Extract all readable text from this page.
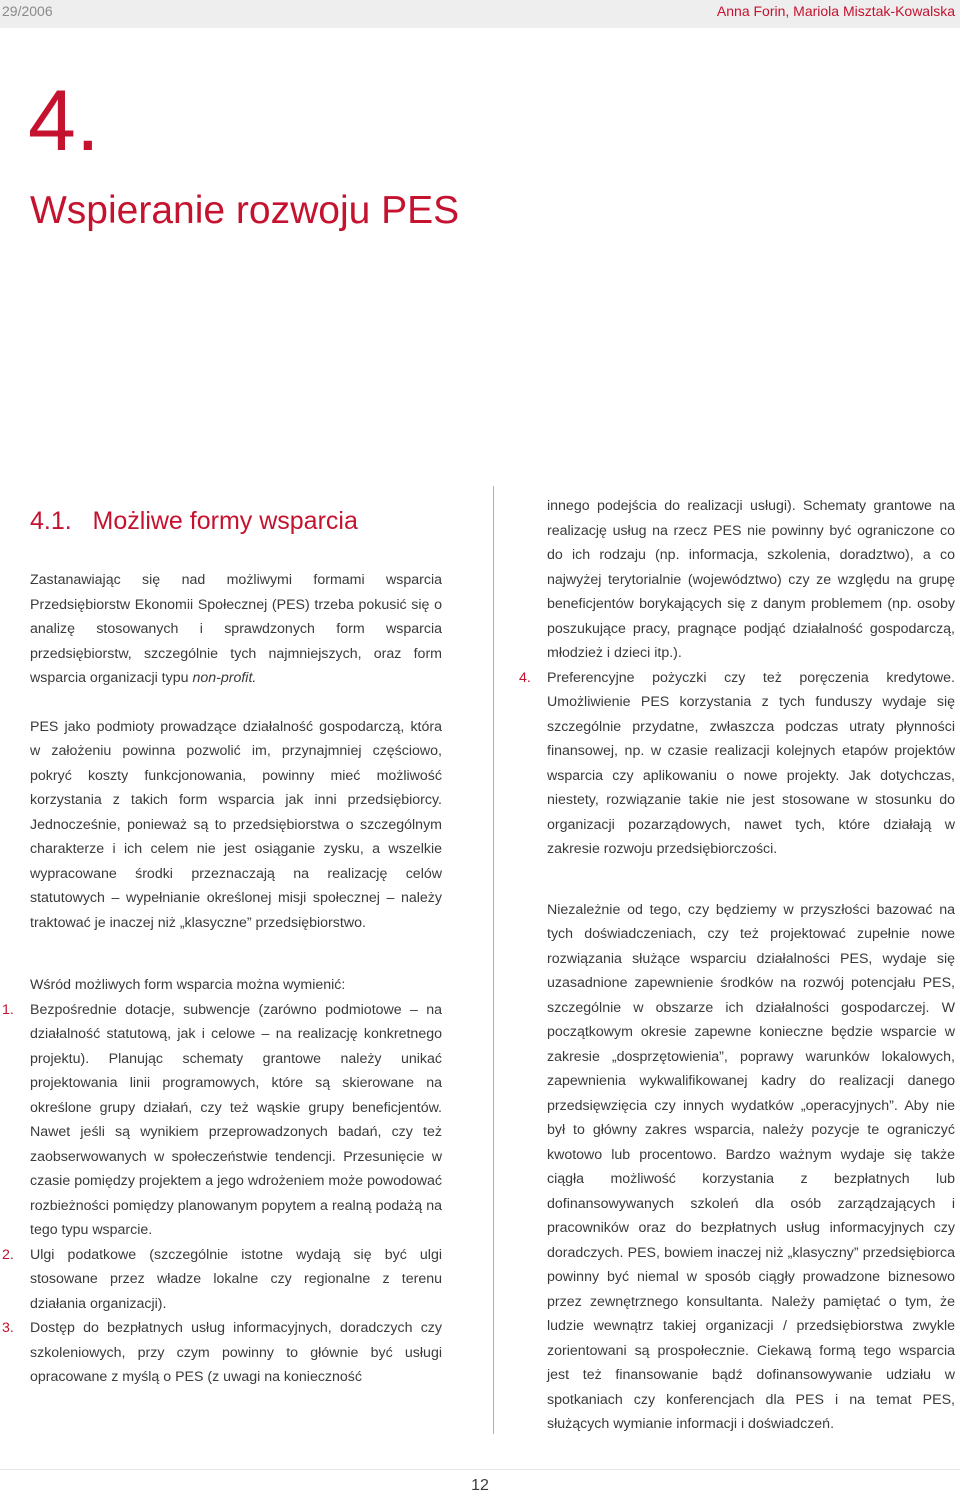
29/2006	Anna Forin, Mariola Misztak-Kowalska
4.
Wspieranie rozwoju PES
4.1.   Możliwe formy wsparcia

Zastanawiając się nad możliwymi formami wsparcia Przedsiębiorstw Ekonomii Społecznej (PES) trzeba pokusić się o analizę stosowanych i sprawdzonych form wsparcia przedsiębiorstw, szczególnie tych najmniejszych, oraz form wsparcia organizacji typu non-profit.

PES jako podmioty prowadzące działalność gospodarczą, która w założeniu powinna pozwolić im, przynajmniej częściowo, pokryć koszty funkcjonowania, powinny mieć możliwość korzystania z takich form wsparcia jak inni przedsiębiorcy. Jednocześnie, ponieważ są to przedsiębiorstwa o szczególnym charakterze i ich celem nie jest osiąganie zysku, a wszelkie wypracowane środki przeznaczają na realizację celów statutowych – wypełnianie określonej misji społecznej – należy traktować je inaczej niż „klasyczne” przedsiębiorstwo.

Wśród możliwych form wsparcia można wymienić:

1. Bezpośrednie dotacje, subwencje (zarówno podmiotowe – na działalność statutową, jak i celowe – na realizację konkretnego projektu). Planując schematy grantowe należy unikać projektowania linii programowych, które są skierowane na określone grupy działań, czy też wąskie grupy beneficjentów. Nawet jeśli są wynikiem przeprowadzonych badań, czy też zaobserwowanych w społeczeństwie tendencji. Przesunięcie w czasie pomiędzy projektem a jego wdrożeniem może powodować rozbieżności pomiędzy planowanym popytem a realną podażą na tego typu wsparcie.

2. Ulgi podatkowe (szczególnie istotne wydają się być ulgi stosowane przez władze lokalne czy regionalne z terenu działania organizacji).

3. Dostęp do bezpłatnych usług informacyjnych, doradczych czy szkoleniowych, przy czym powinny to głównie być usługi opracowane z myślą o PES (z uwagi na konieczność

innego podejścia do realizacji usługi). Schematy grantowe na realizację usług na rzecz PES nie powinny być ograniczone co do ich rodzaju (np. informacja, szkolenia, doradztwo), a co najwyżej terytorialnie (województwo) czy ze względu na grupę beneficjentów borykających się z danym problemem (np. osoby poszukujące pracy, pragnące podjąć działalność gospodarczą, młodzież i dzieci itp.).

4. Preferencyjne pożyczki czy też poręczenia kredytowe. Umożliwienie PES korzystania z tych funduszy wydaje się szczególnie przydatne, zwłaszcza podczas utraty płynności finansowej, np. w czasie realizacji kolejnych etapów projektów wsparcia czy aplikowaniu o nowe projekty. Jak dotychczas, niestety, rozwiązanie takie nie jest stosowane w stosunku do organizacji pozarządowych, nawet tych, które działają w zakresie rozwoju przedsiębiorczości.

Niezależnie od tego, czy będziemy w przyszłości bazować na tych doświadczeniach, czy też projektować zupełnie nowe rozwiązania służące wsparciu działalności PES, wydaje się uzasadnione zapewnienie środków na rozwój potencjału PES, szczególnie w obszarze ich działalności gospodarczej. W początkowym okresie zapewne konieczne będzie wsparcie w zakresie „dosprzętowienia”, poprawy warunków lokalowych, zapewnienia wykwalifikowanej kadry do realizacji danego przedsięwzięcia czy innych wydatków „operacyjnych”. Aby nie był to główny zakres wsparcia, należy pozycje te ograniczyć kwotowo lub procentowo. Bardzo ważnym wydaje się także ciągła możliwość korzystania z bezpłatnych lub dofinansowywanych szkoleń dla osób zarządzających i pracowników oraz do bezpłatnych usług informacyjnych czy doradczych. PES, bowiem inaczej niż „klasyczny” przedsiębiorca powinny być niemal w sposób ciągły prowadzone biznesowo przez zewnętrznego konsultanta. Należy pamiętać o tym, że ludzie wewnątrz takiej organizacji / przedsiębiorstwa zwykle zorientowani są prospołecznie. Ciekawą formą tego wsparcia jest też finansowanie bądź dofinansowywanie udziału w spotkaniach czy konferencjach dla PES i na temat PES, służących wymianie informacji i doświadczeń.

12
